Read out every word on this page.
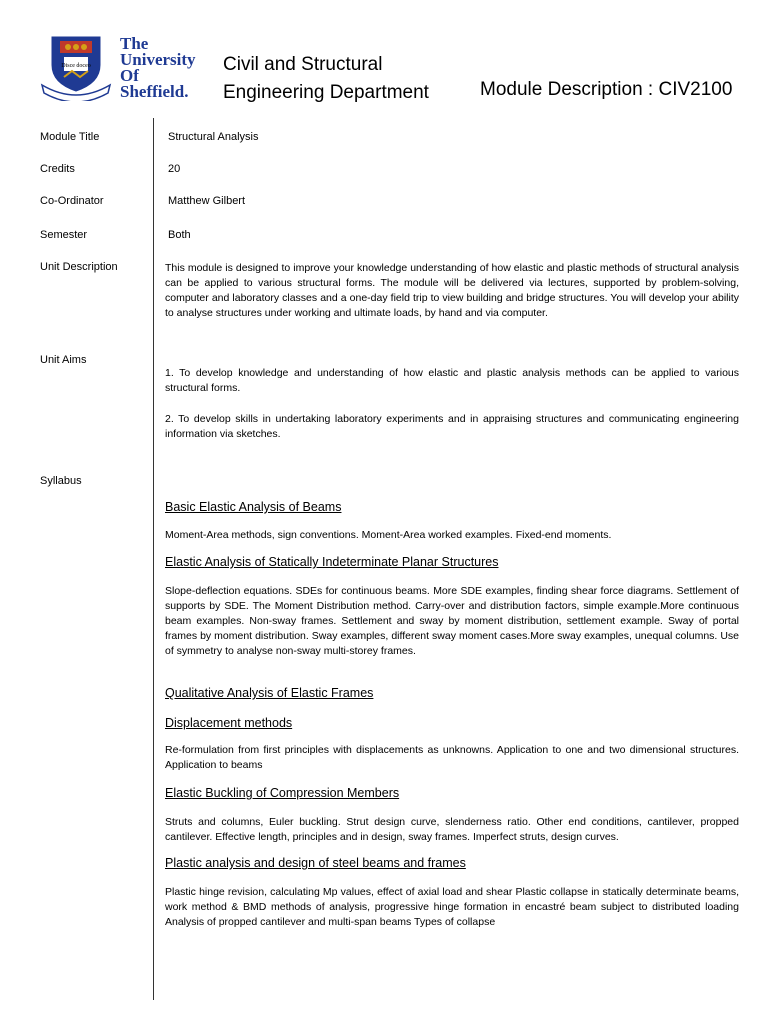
Disce doceo
The
University
Of
Sheffield.
Civil and Structural
Engineering Department	Module Description : CIV2100
Module Title	Structural Analysis
Credits	20
Co-Ordinator	Matthew Gilbert
Semester	Both
Unit Description	This module is designed to improve your knowledge understanding of how elastic and plastic methods of structural analysis can be applied to various structural forms. The module will be delivered via lectures, supported by problem-solving, computer and laboratory classes and a one-day field trip to view building and bridge structures. You will develop your ability to analyse structures under working and ultimate loads, by hand and via computer.

Unit Aims

1. To develop knowledge and understanding of how elastic and plastic analysis methods can be applied to various structural forms.

2. To develop skills in undertaking laboratory experiments and in appraising structures and communicating engineering information via sketches.

Syllabus
Basic Elastic Analysis of Beams

Moment-Area methods, sign conventions. Moment-Area worked examples. Fixed-end moments.

Elastic Analysis of Statically Indeterminate Planar Structures

Slope-deflection equations. SDEs for continuous beams. More SDE examples, finding shear force diagrams. Settlement of supports by SDE. The Moment Distribution method. Carry-over and distribution factors, simple example.More continuous beam examples. Non-sway frames. Settlement and sway by moment distribution, settlement example. Sway of portal frames by moment distribution. Sway examples, different sway moment cases.More sway examples, unequal columns. Use of symmetry to analyse non-sway multi-storey frames.

Qualitative Analysis of Elastic Frames
Displacement methods

Re-formulation from first principles with displacements as unknowns. Application to one and two dimensional structures. Application to beams

Elastic Buckling of Compression Members

Struts and columns, Euler buckling. Strut design curve, slenderness ratio. Other end conditions, cantilever, propped cantilever. Effective length, principles and in design, sway frames. Imperfect struts, design curves.

Plastic analysis and design of steel beams and frames

Plastic hinge revision, calculating Mp values, effect of axial load and shear Plastic collapse in statically determinate beams, work method & BMD methods of analysis, progressive hinge formation in encastré beam subject to distributed loading Analysis of propped cantilever and multi-span beams Types of collapse
